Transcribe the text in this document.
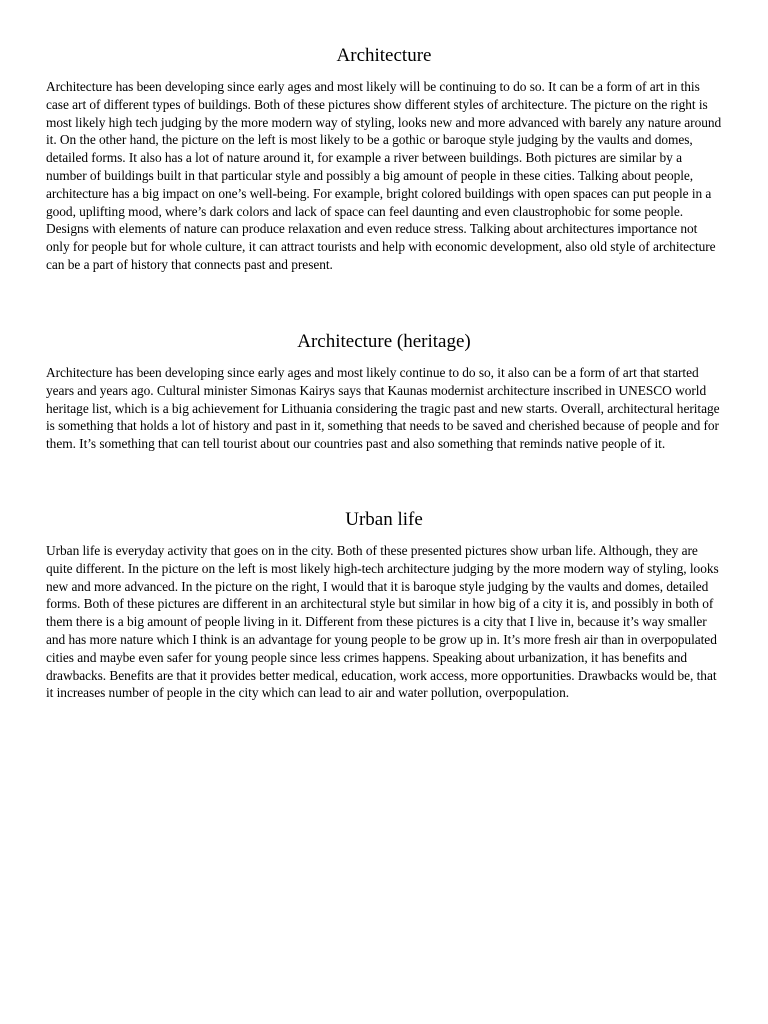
Architecture

Architecture has been developing since early ages and most likely will be continuing to do so. It can be a form of art in this case art of different types of buildings. Both of these pictures show different styles of architecture. The picture on the right is most likely high tech judging by the more modern way of styling, looks new and more advanced with barely any nature around it. On the other hand, the picture on the left is most likely to be a gothic or baroque style judging by the vaults and domes, detailed forms. It also has a lot of nature around it, for example a river between buildings. Both pictures are similar by a number of buildings built in that particular style and possibly a big amount of people in these cities. Talking about people, architecture has a big impact on one’s well-being. For example, bright colored buildings with open spaces can put people in a good, uplifting mood, where’s dark colors and lack of space can feel daunting and even claustrophobic for some people. Designs with elements of nature can produce relaxation and even reduce stress. Talking about architectures importance not only for people but for whole culture, it can attract tourists and help with economic development, also old style of architecture can be a part of history that connects past and present.

Architecture (heritage)

Architecture has been developing since early ages and most likely continue to do so, it also can be a form of art that started years and years ago. Cultural minister Simonas Kairys says that Kaunas modernist architecture inscribed in UNESCO world heritage list, which is a big achievement for Lithuania considering the tragic past and new starts. Overall, architectural heritage is something that holds a lot of history and past in it, something that needs to be saved and cherished because of people and for them. It’s something that can tell tourist about our countries past and also something that reminds native people of it.

Urban life

Urban life is everyday activity that goes on in the city. Both of these presented pictures show urban life. Although, they are quite different. In the picture on the left is most likely high-tech architecture judging by the more modern way of styling, looks new and more advanced. In the picture on the right, I would that it is baroque style judging by the vaults and domes, detailed forms. Both of these pictures are different in an architectural style but similar in how big of a city it is, and possibly in both of them there is a big amount of people living in it. Different from these pictures is a city that I live in, because it’s way smaller and has more nature which I think is an advantage for young people to be grow up in. It’s more fresh air than in overpopulated cities and maybe even safer for young people since less crimes happens. Speaking about urbanization, it has benefits and drawbacks. Benefits are that it provides better medical, education, work access, more opportunities. Drawbacks would be, that it increases number of people in the city which can lead to air and water pollution, overpopulation.
